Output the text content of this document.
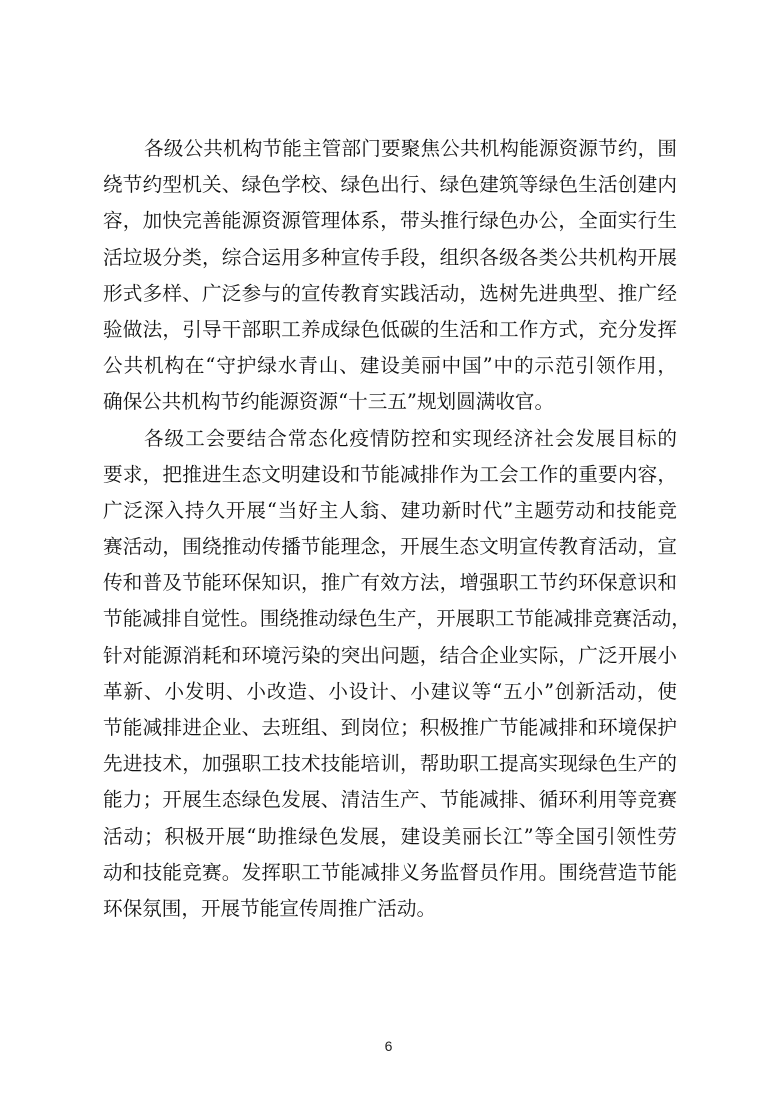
各级公共机构节能主管部门要聚焦公共机构能源资源节约，围
绕节约型机关、绿色学校、绿色出行、绿色建筑等绿色生活创建内
容，加快完善能源资源管理体系，带头推行绿色办公，全面实行生
活垃圾分类，综合运用多种宣传手段，组织各级各类公共机构开展
形式多样、广泛参与的宣传教育实践活动，选树先进典型、推广经
验做法，引导干部职工养成绿色低碳的生活和工作方式，充分发挥
公共机构在“守护绿水青山、建设美丽中国”中的示范引领作用，
确保公共机构节约能源资源“十三五”规划圆满收官。
各级工会要结合常态化疫情防控和实现经济社会发展目标的
要求，把推进生态文明建设和节能减排作为工会工作的重要内容，
广泛深入持久开展“当好主人翁、建功新时代”主题劳动和技能竞
赛活动，围绕推动传播节能理念，开展生态文明宣传教育活动，宣
传和普及节能环保知识，推广有效方法，增强职工节约环保意识和
节能减排自觉性。围绕推动绿色生产，开展职工节能减排竞赛活动，
针对能源消耗和环境污染的突出问题，结合企业实际，广泛开展小
革新、小发明、小改造、小设计、小建议等“五小”创新活动，使
节能减排进企业、去班组、到岗位；积极推广节能减排和环境保护
先进技术，加强职工技术技能培训，帮助职工提高实现绿色生产的
能力；开展生态绿色发展、清洁生产、节能减排、循环利用等竞赛
活动；积极开展“助推绿色发展，建设美丽长江”等全国引领性劳
动和技能竞赛。发挥职工节能减排义务监督员作用。围绕营造节能
环保氛围，开展节能宣传周推广活动。
6
